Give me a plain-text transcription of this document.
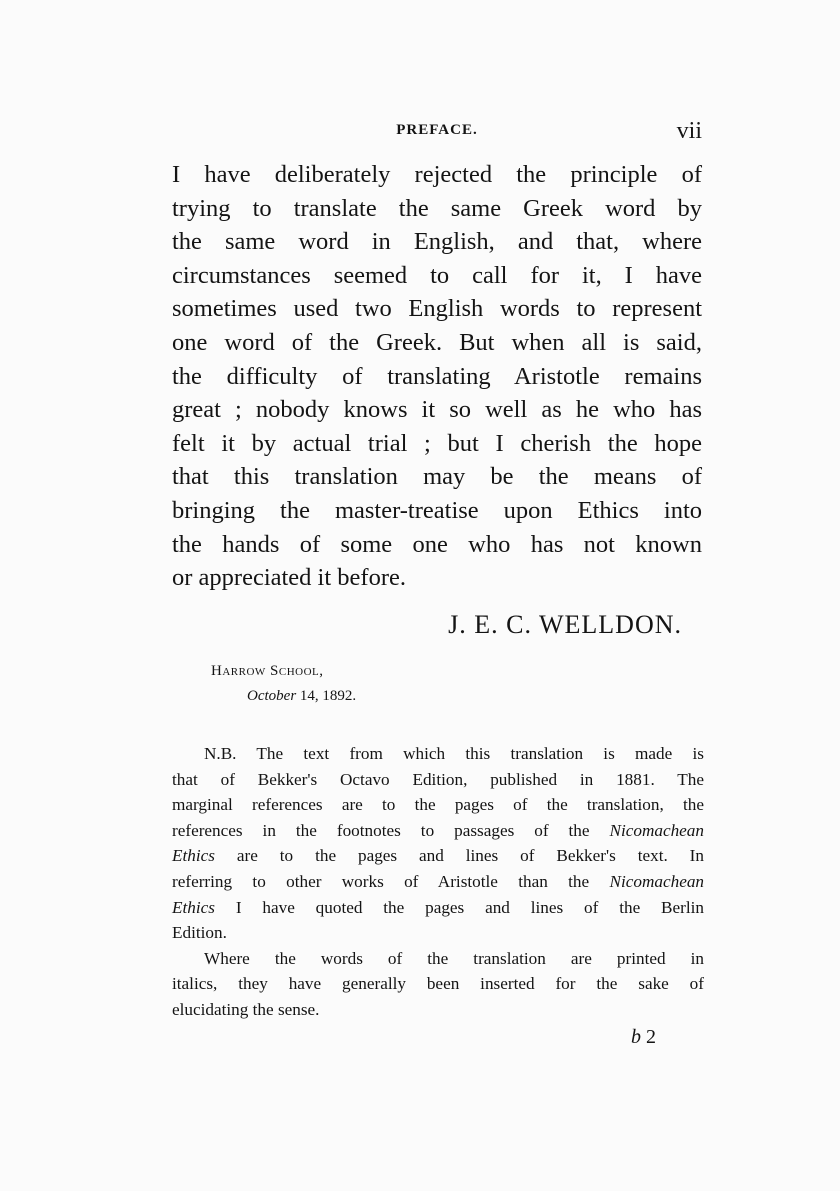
PREFACE.	vii
I have deliberately rejected the principle of
trying to translate the same Greek word by
the same word in English, and that, where
circumstances seemed to call for it, I have
sometimes used two English words to represent
one word of the Greek. But when all is said,
the difficulty of translating Aristotle remains
great ; nobody knows it so well as he who has
felt it by actual trial ; but I cherish the hope
that this translation may be the means of
bringing the master-treatise upon Ethics into
the hands of some one who has not known
or appreciated it before.
J. E. C. WELLDON.
Harrow School,
October 14, 1892.
N.B. The text from which this translation is made is
that of Bekker's Octavo Edition, published in 1881. The
marginal references are to the pages of the translation, the
references in the footnotes to passages of the Nicomachean
Ethics are to the pages and lines of Bekker's text. In
referring to other works of Aristotle than the Nicomachean
Ethics I have quoted the pages and lines of the Berlin
Edition.
Where the words of the translation are printed in
italics, they have generally been inserted for the sake of
elucidating the sense.
b 2
